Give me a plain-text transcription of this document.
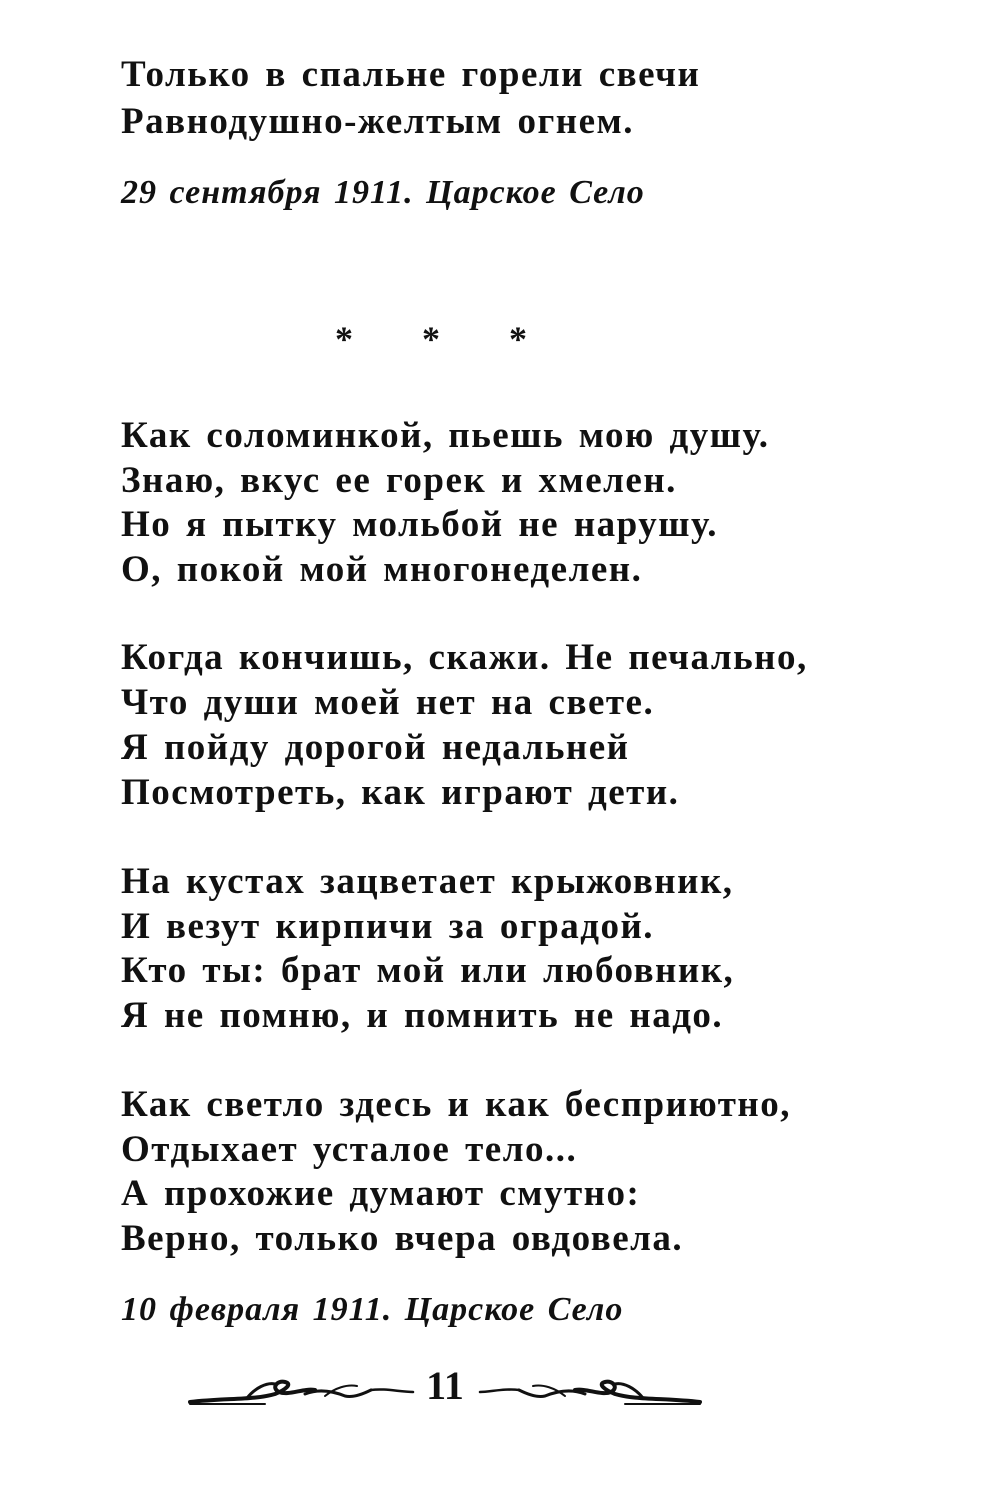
Только в спальне горели свечи
Равнодушно-желтым огнем.
29 сентября 1911. Царское Село
* * *
Как соломинкой, пьешь мою душу.
Знаю, вкус ее горек и хмелен.
Но я пытку мольбой не нарушу.
О, покой мой многонеделен.
Когда кончишь, скажи. Не печально,
Что души моей нет на свете.
Я пойду дорогой недальней
Посмотреть, как играют дети.
На кустах зацветает крыжовник,
И везут кирпичи за оградой.
Кто ты: брат мой или любовник,
Я не помню, и помнить не надо.
Как светло здесь и как бесприютно,
Отдыхает усталое тело...
А прохожие думают смутно:
Верно, только вчера овдовела.
10 февраля 1911. Царское Село
11
